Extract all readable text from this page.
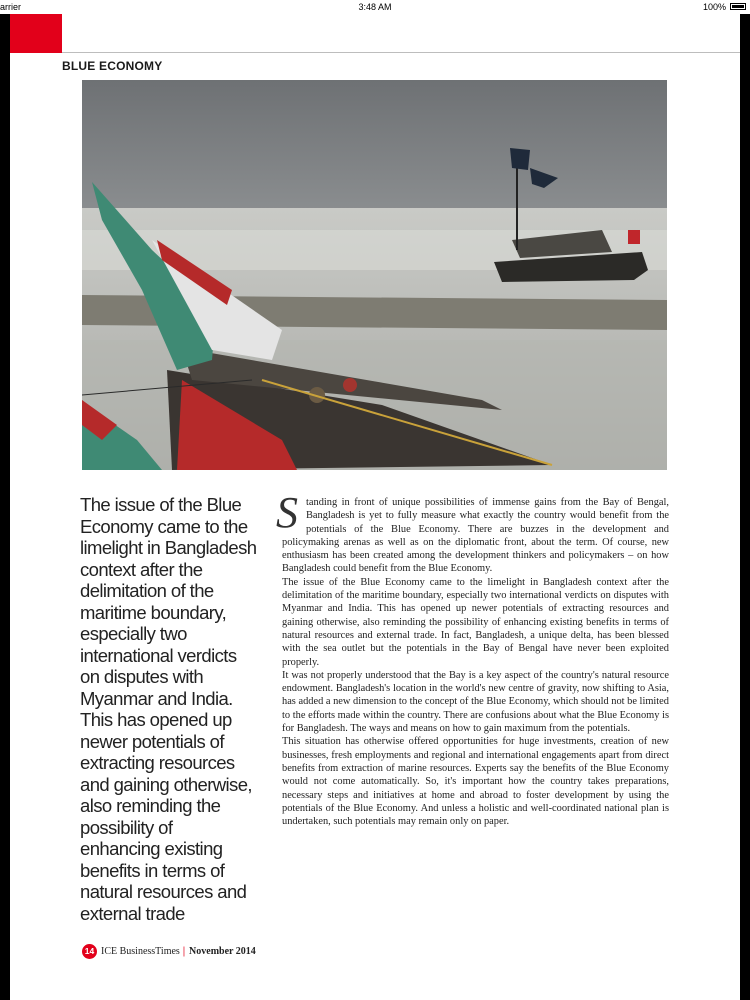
arrier	3:48 AM	100%
BLUE ECONOMY
The issue of the Blue
Economy came to the
limelight in Bangladesh
context after the
delimitation of the
maritime boundary,
especially two
international verdicts
on disputes with
Myanmar and India.
This has opened up
newer potentials of
extracting resources
and gaining otherwise,
also reminding the
possibility of
enhancing existing
benefits in terms of
natural resources and
external trade

Standing in front of unique possibilities of immense gains from the Bay of Bengal, Bangladesh is yet to fully measure what exactly the country would benefit from the potentials of the Blue Economy. There are buzzes in the development and policymaking arenas as well as on the diplomatic front, about the term. Of course, new enthusiasm has been created among the development thinkers and policymakers – on how Bangladesh could benefit from the Blue Economy.

The issue of the Blue Economy came to the limelight in Bangladesh context after the delimitation of the maritime boundary, especially two international verdicts on disputes with Myanmar and India. This has opened up newer potentials of extracting resources and gaining otherwise, also reminding the possibility of enhancing existing benefits in terms of natural resources and external trade. In fact, Bangladesh, a unique delta, has been blessed with the sea outlet but the potentials in the Bay of Bengal have never been exploited properly.

It was not properly understood that the Bay is a key aspect of the country's natural resource endowment. Bangladesh's location in the world's new centre of gravity, now shifting to Asia, has added a new dimension to the concept of the Blue Economy, which should not be limited to the efforts made within the country. There are confusions about what the Blue Economy is for Bangladesh. The ways and means on how to gain maximum from the potentials.

This situation has otherwise offered opportunities for huge investments, creation of new businesses, fresh employments and regional and international engagements apart from direct benefits from extraction of marine resources. Experts say the benefits of the Blue Economy would not come automatically. So, it's important how the country takes preparations, necessary steps and initiatives at home and abroad to foster development by using the potentials of the Blue Economy. And unless a holistic and well-coordinated national plan is undertaken, such potentials may remain only on paper.

14 ICE BusinessTimes | November 2014
